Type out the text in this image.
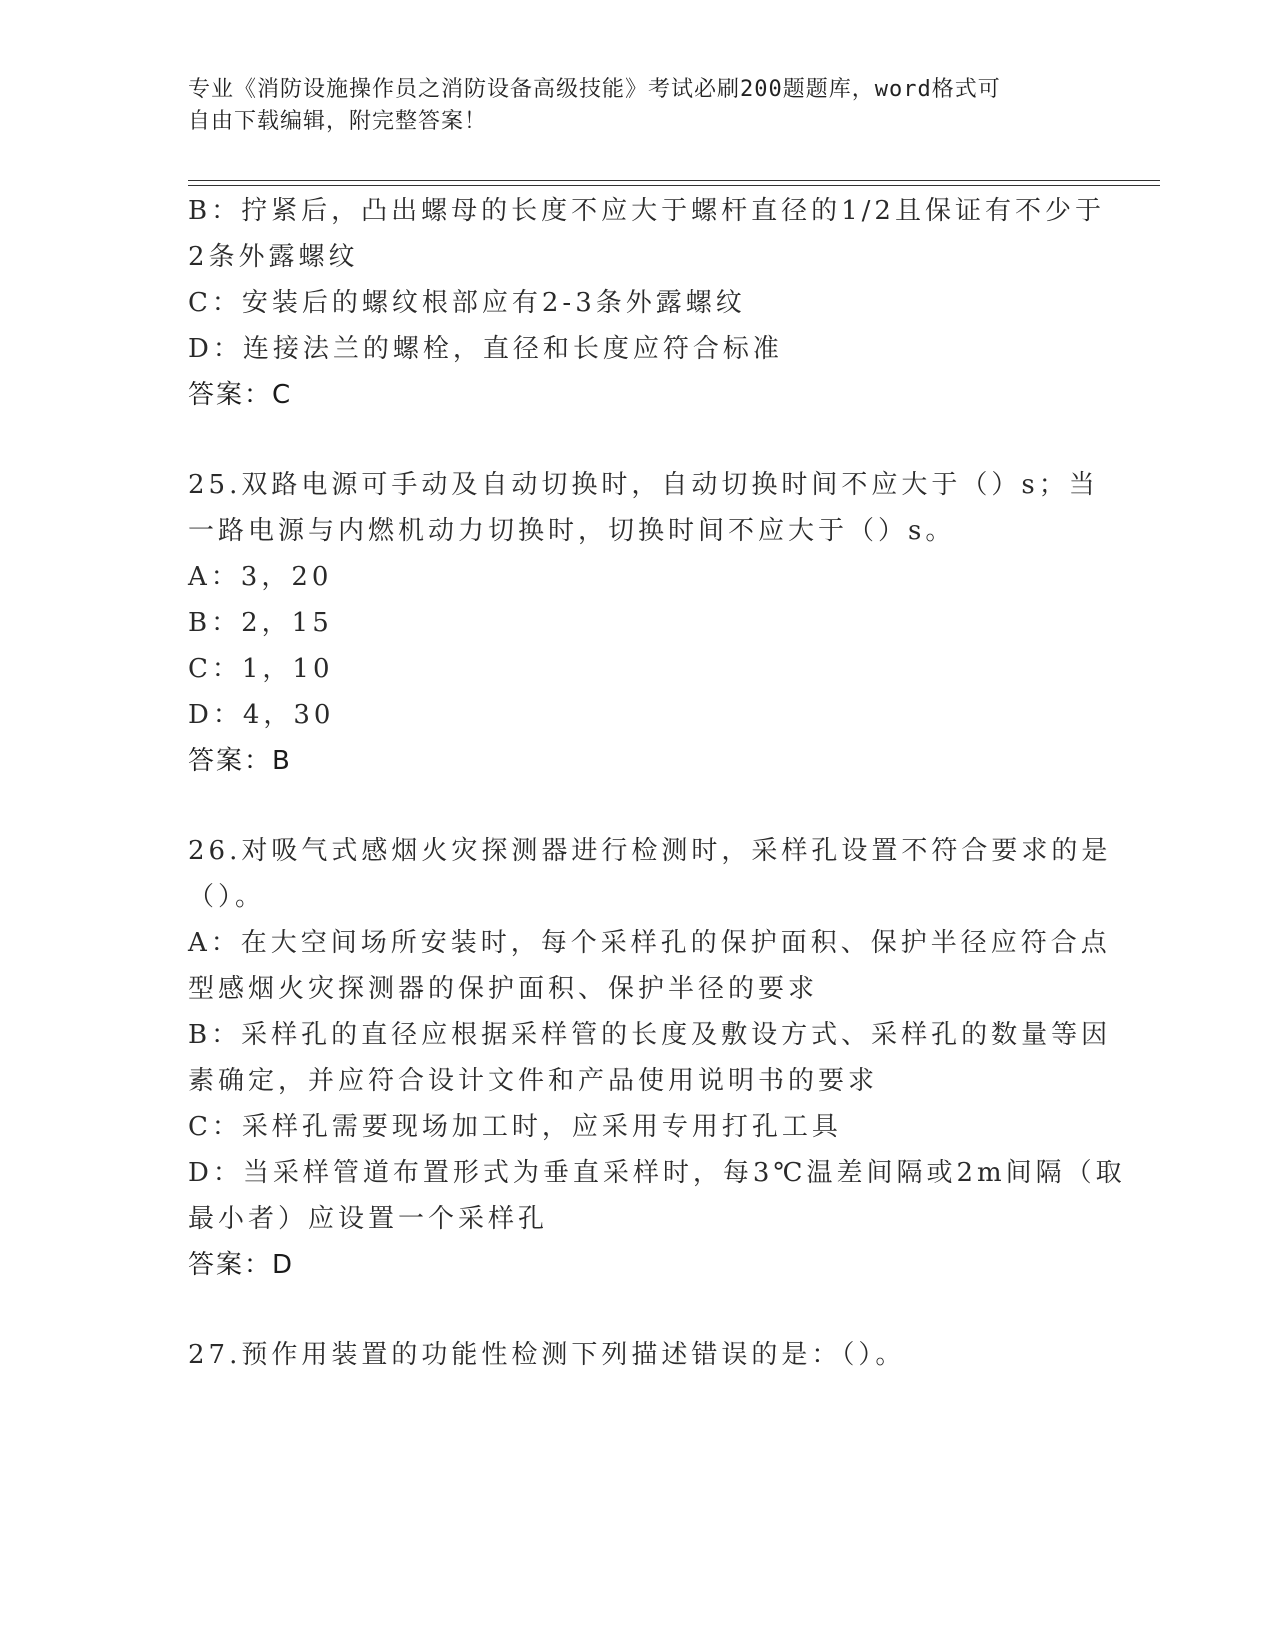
专业《消防设施操作员之消防设备高级技能》考试必刷200题题库，word格式可
自由下载编辑，附完整答案！
B：拧紧后，凸出螺母的长度不应大于螺杆直径的1/2且保证有不少于
2条外露螺纹
C：安装后的螺纹根部应有2-3条外露螺纹
D：连接法兰的螺栓，直径和长度应符合标准
答案：C
25.双路电源可手动及自动切换时，自动切换时间不应大于（）s；当
一路电源与内燃机动力切换时，切换时间不应大于（）s。
A：3，20
B：2，15
C：1，10
D：4，30
答案：B
26.对吸气式感烟火灾探测器进行检测时，采样孔设置不符合要求的是
（）。
A：在大空间场所安装时，每个采样孔的保护面积、保护半径应符合点
型感烟火灾探测器的保护面积、保护半径的要求
B：采样孔的直径应根据采样管的长度及敷设方式、采样孔的数量等因
素确定，并应符合设计文件和产品使用说明书的要求
C：采样孔需要现场加工时，应采用专用打孔工具
D：当采样管道布置形式为垂直采样时，每3℃温差间隔或2m间隔（取
最小者）应设置一个采样孔
答案：D
27.预作用装置的功能性检测下列描述错误的是：（）。
